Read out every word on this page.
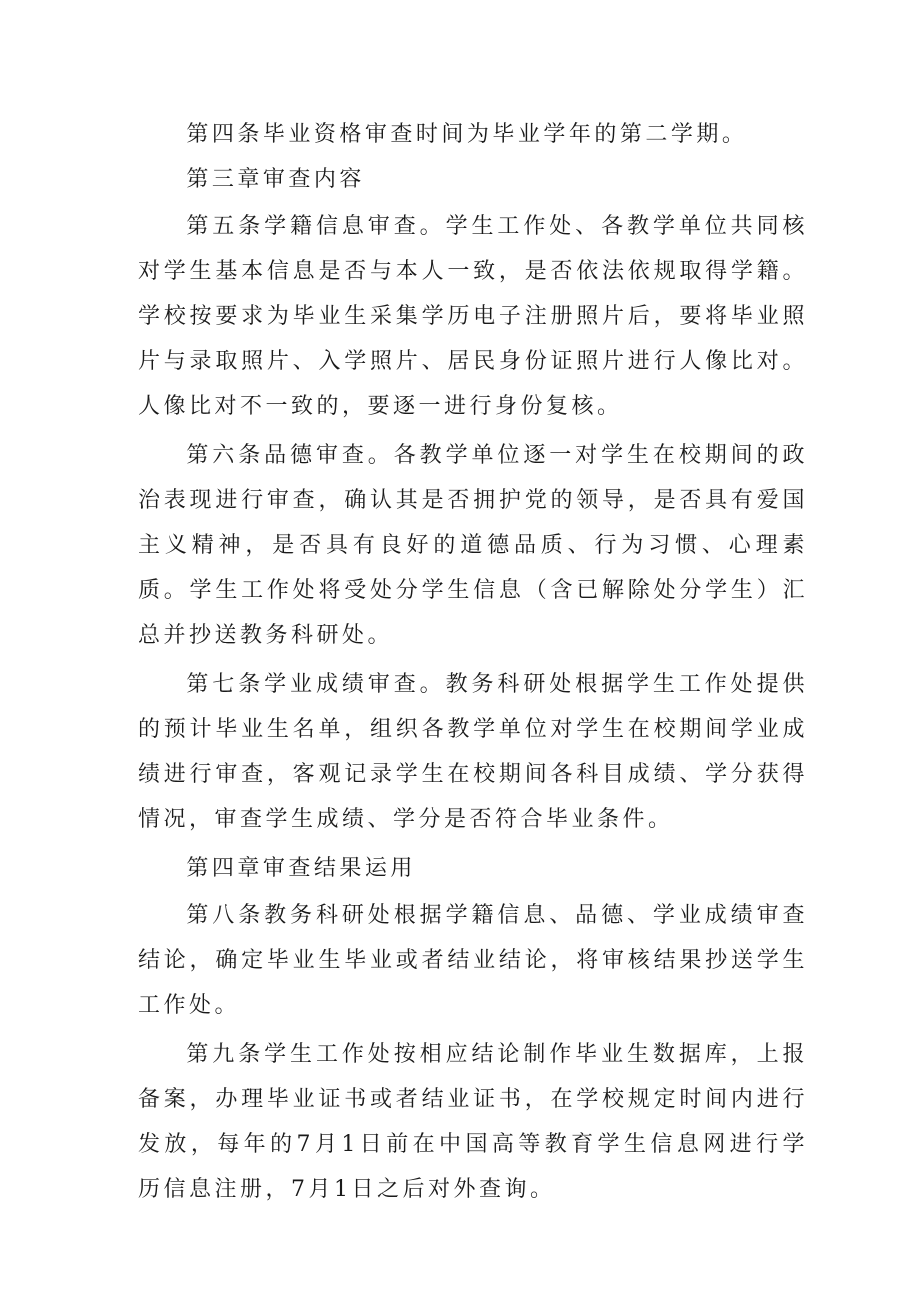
第四条毕业资格审查时间为毕业学年的第二学期。

第三章审查内容

第五条学籍信息审查。学生工作处、各教学单位共同核对学生基本信息是否与本人一致，是否依法依规取得学籍。学校按要求为毕业生采集学历电子注册照片后，要将毕业照片与录取照片、入学照片、居民身份证照片进行人像比对。人像比对不一致的，要逐一进行身份复核。

第六条品德审查。各教学单位逐一对学生在校期间的政治表现进行审查，确认其是否拥护党的领导，是否具有爱国主义精神，是否具有良好的道德品质、行为习惯、心理素质。学生工作处将受处分学生信息（含已解除处分学生）汇总并抄送教务科研处。

第七条学业成绩审查。教务科研处根据学生工作处提供的预计毕业生名单，组织各教学单位对学生在校期间学业成绩进行审查，客观记录学生在校期间各科目成绩、学分获得情况，审查学生成绩、学分是否符合毕业条件。

第四章审查结果运用

第八条教务科研处根据学籍信息、品德、学业成绩审查结论，确定毕业生毕业或者结业结论，将审核结果抄送学生工作处。

第九条学生工作处按相应结论制作毕业生数据库，上报备案，办理毕业证书或者结业证书，在学校规定时间内进行发放，每年的7月1日前在中国高等教育学生信息网进行学历信息注册，7月1日之后对外查询。
